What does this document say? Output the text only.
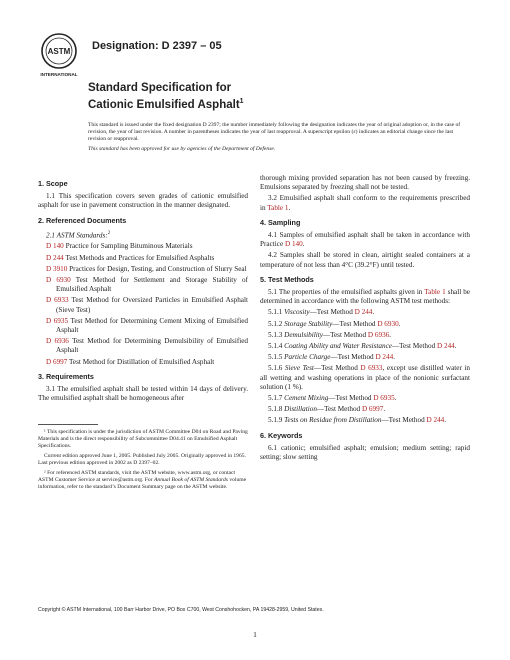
ASTM
INTERNATIONAL
Designation: D 2397 – 05
Standard Specification for
Cationic Emulsified Asphalt$^1$

This standard is issued under the fixed designation D 2397; the number immediately following the designation indicates the year of original adoption or, in the case of revision, the year of last revision. A number in parentheses indicates the year of last reapproval. A superscript epsilon (ε) indicates an editorial change since the last revision or reapproval.

This standard has been approved for use by agencies of the Department of Defense.

1. Scope

1.1 This specification covers seven grades of cationic emulsified asphalt for use in pavement construction in the manner designated.

2. Referenced Documents

2.1 ASTM Standards:$^2$

D 140 Practice for Sampling Bituminous Materials

D 244 Test Methods and Practices for Emulsified Asphalts

D 3910 Practices for Design, Testing, and Construction of Slurry Seal

D 6930 Test Method for Settlement and Storage Stability of Emulsified Asphalt

D 6933 Test Method for Oversized Particles in Emulsified Asphalt (Sieve Test)

D 6935 Test Method for Determining Cement Mixing of Emulsified Asphalt

D 6936 Test Method for Determining Demulsibility of Emulsified Asphalt

D 6997 Test Method for Distillation of Emulsified Asphalt

3. Requirements

3.1 The emulsified asphalt shall be tested within 14 days of delivery. The emulsified asphalt shall be homogeneous after

¹ This specification is under the jurisdiction of ASTM Committee D04 on Road and Paving Materials and is the direct responsibility of Subcommittee D04.41 on Emulsified Asphalt Specifications.

Current edition approved June 1, 2005. Published July 2005. Originally approved in 1965. Last previous edition approved in 2002 as D 2397–02.

² For referenced ASTM standards, visit the ASTM website, www.astm.org, or contact ASTM Customer Service at service@astm.org. For Annual Book of ASTM Standards volume information, refer to the standard’s Document Summary page on the ASTM website.

thorough mixing provided separation has not been caused by freezing. Emulsions separated by freezing shall not be tested.

3.2 Emulsified asphalt shall conform to the requirements prescribed in Table 1.

4. Sampling

4.1 Samples of emulsified asphalt shall be taken in accordance with Practice D 140.

4.2 Samples shall be stored in clean, airtight sealed containers at a temperature of not less than 4°C (39.2°F) until tested.

5. Test Methods

5.1 The properties of the emulsified asphalts given in Table 1 shall be determined in accordance with the following ASTM test methods:

5.1.1 Viscosity—Test Method D 244.

5.1.2 Storage Stability—Test Method D 6930.

5.1.3 Demulsibility—Test Method D 6936.

5.1.4 Coating Ability and Water Resistance—Test Method D 244.

5.1.5 Particle Charge—Test Method D 244.

5.1.6 Sieve Test—Test Method D 6933, except use distilled water in all wetting and washing operations in place of the nonionic surfactant solution (1 %).

5.1.7 Cement Mixing—Test Method D 6935.

5.1.8 Distillation—Test Method D 6997.

5.1.9 Tests on Residue from Distillation—Test Method D 244.

6. Keywords

6.1 cationic; emulsified asphalt; emulsion; medium setting; rapid setting; slow setting

Copyright © ASTM International, 100 Barr Harbor Drive, PO Box C700, West Conshohocken, PA 19428-2959, United States.
1
